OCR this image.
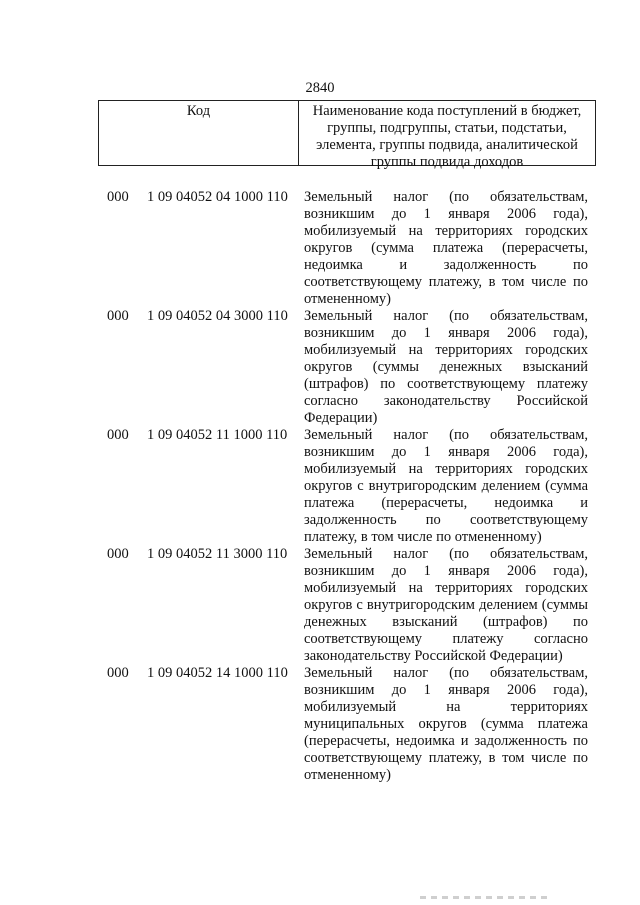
2840
Код	Наименование кода поступлений в бюджет, группы, подгруппы, статьи, подстатьи, элемента, группы подвида, аналитической группы подвида доходов
000 1 09 04052 04 1000 110 Земельный налог (по обязательствам, возникшим до 1 января 2006 года), мобилизуемый на территориях городских округов (сумма платежа (перерасчеты, недоимка и задолженность по соответствующему платежу, в том числе по отмененному)
000 1 09 04052 04 3000 110 Земельный налог (по обязательствам, возникшим до 1 января 2006 года), мобилизуемый на территориях городских округов (суммы денежных взысканий (штрафов) по соответствующему платежу согласно законодательству Российской Федерации)
000 1 09 04052 11 1000 110 Земельный налог (по обязательствам, возникшим до 1 января 2006 года), мобилизуемый на территориях городских округов с внутригородским делением (сумма платежа (перерасчеты, недоимка и задолженность по соответствующему платежу, в том числе по отмененному)
000 1 09 04052 11 3000 110 Земельный налог (по обязательствам, возникшим до 1 января 2006 года), мобилизуемый на территориях городских округов с внутригородским делением (суммы денежных взысканий (штрафов) по соответствующему платежу согласно законодательству Российской Федерации)
000 1 09 04052 14 1000 110 Земельный налог (по обязательствам, возникшим до 1 января 2006 года), мобилизуемый на территориях муниципальных округов (сумма платежа (перерасчеты, недоимка и задолженность по соответствующему платежу, в том числе по отмененному)
